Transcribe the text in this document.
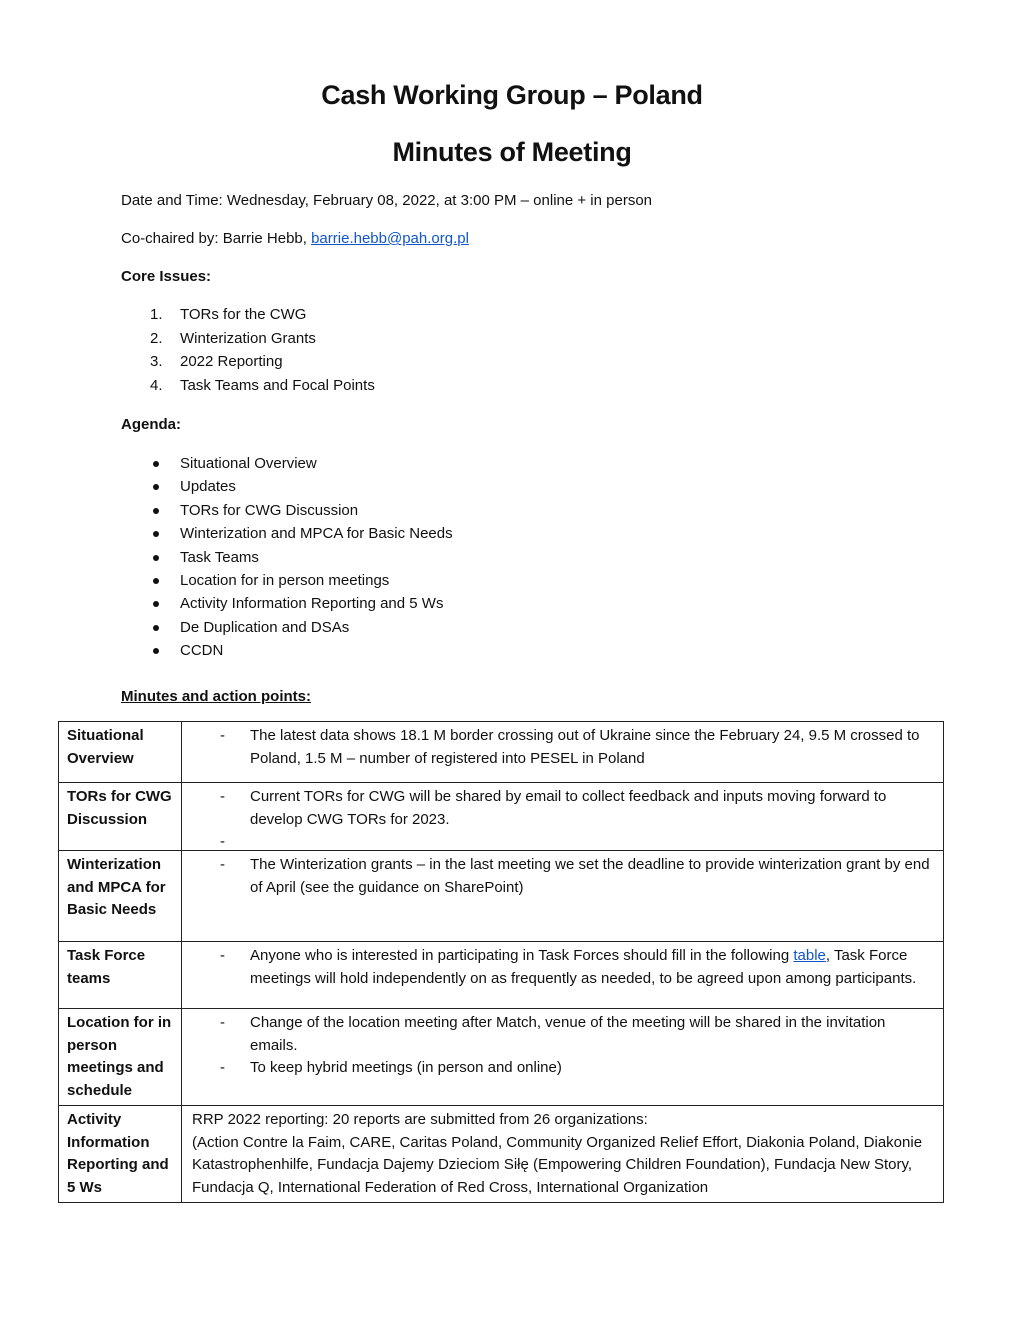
Cash Working Group – Poland
Minutes of Meeting
Date and Time: Wednesday, February 08, 2022, at 3:00 PM – online + in person
Co-chaired by: Barrie Hebb, barrie.hebb@pah.org.pl
Core Issues:
1.	TORs for the CWG
2.	Winterization Grants
3.	2022 Reporting
4.	Task Teams and Focal Points
Agenda:
Situational Overview
Updates
TORs for CWG Discussion
Winterization and MPCA for Basic Needs
Task Teams
Location for in person meetings
Activity Information Reporting and 5 Ws
De Duplication and DSAs
CCDN
Minutes and action points:
Situational Overview	- The latest data shows 18.1 M border crossing out of Ukraine since the February 24, 9.5 M crossed to Poland, 1.5 M – number of registered into PESEL in Poland

TORs for CWG Discussion	- Current TORs for CWG will be shared by email to collect feedback and inputs moving forward to develop CWG TORs for 2023.
-

Winterization and MPCA for Basic Needs	- The Winterization grants – in the last meeting we set the deadline to provide winterization grant by end of April (see the guidance on SharePoint)

Task Force teams	- Anyone who is interested in participating in Task Forces should fill in the following table, Task Force meetings will hold independently on as frequently as needed, to be agreed upon among participants.

Location for in person meetings and schedule	- Change of the location meeting after Match, venue of the meeting will be shared in the invitation emails.
- To keep hybrid meetings (in person and online)

Activity Information Reporting and 5 Ws	RRP 2022 reporting: 20 reports are submitted from 26 organizations:
(Action Contre la Faim, CARE, Caritas Poland, Community Organized Relief Effort, Diakonia Poland, Diakonie Katastrophenhilfe, Fundacja Dajemy Dzieciom Siłę (Empowering Children Foundation), Fundacja New Story, Fundacja Q, International Federation of Red Cross, International Organization
